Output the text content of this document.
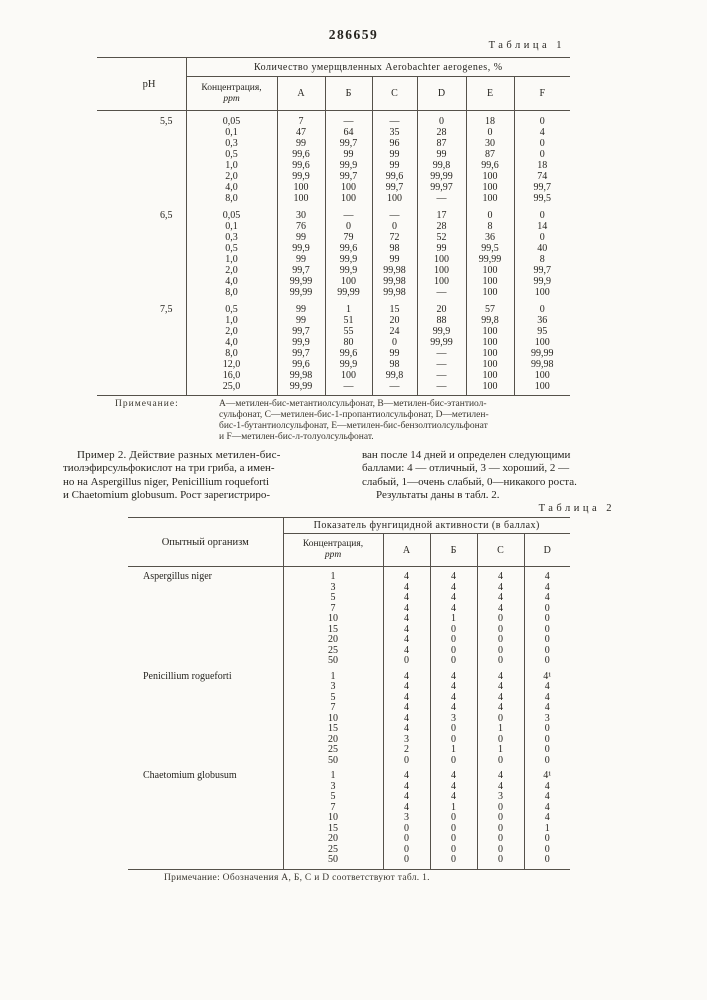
286659
Таблица 1
рН	Количество умерщвленных Aerobachter aerogenes, %						
	Концентрация,
ppm	А	Б	С	D	Е	F
5,5	0,05	7	—	—	0	18	0
	0,1	47	64	35	28	0	4
	0,3	99	99,7	96	87	30	0
	0,5	99,6	99	99	99	87	0
	1,0	99,6	99,9	99	99,8	99,6	18
	2,0	99,9	99,7	99,6	99,99	100	74
	4,0	100	100	99,7	99,97	100	99,7
	8,0	100	100	100	—	100	99,5
6,5	0,05	30	—	—	17	0	0
	0,1	76	0	0	28	8	14
	0,3	99	79	72	52	36	0
	0,5	99,9	99,6	98	99	99,5	40
	1,0	99	99,9	99	100	99,99	8
	2,0	99,7	99,9	99,98	100	100	99,7
	4,0	99,99	100	99,98	100	100	99,9
	8,0	99,99	99,99	99,98	—	100	100
7,5	0,5	99	1	15	20	57	0
	1,0	99	51	20	88	99,8	36
	2,0	99,7	55	24	99,9	100	95
	4,0	99,9	80	0	99,99	100	100
	8,0	99,7	99,6	99	—	100	99,99
	12,0	99,6	99,9	98	—	100	99,98
	16,0	99,98	100	99,8	—	100	100
	25,0	99,99	—	—	—	100	100
Примечание:	А—метилен-бис-метантиолсульфонат, В—метилен-бис-этантиол-
сульфонат, С—метилен-бис-1-пропантиолсульфонат, D—метилен-
бис-1-бутантиолсульфонат, Е—метилен-бис-бензолтиолсульфонат
и F—метилен-бис-л-толуолсульфонат.
Пример 2. Действие разных метилен-бис-
тиолэфирсульфокислот на три гриба, а имен-
но на Aspergillus niger, Penicillium roqueforti
и Chaetomium globusum. Рост зарегистриро-
ван после 14 дней и определен следующими
баллами: 4 — отличный, 3 — хороший, 2 —
слабый, 1—очень слабый, 0—никакого роста.
Результаты даны в табл. 2.
Таблица 2
Опытный организм	Показатель фунгицидной активности (в баллах)				
	Концентрация,
ppm	А	Б	С	D
Aspergillus niger	1	4	4	4	4
	3	4	4	4	4
	5	4	4	4	4
	7	4	4	4	0
	10	4	1	0	0
	15	4	0	0	0
	20	4	0	0	0
	25	4	0	0	0
	50	0	0	0	0
Penicillium rogueforti	1	4	4	4	4¹
	3	4	4	4	4
	5	4	4	4	4
	7	4	4	4	4
	10	4	3	0	3
	15	4	0	1	0
	20	3	0	0	0
	25	2	1	1	0
	50	0	0	0	0
Chaetomium globusum	1	4	4	4	4¹
	3	4	4	4	4
	5	4	4	3	4
	7	4	1	0	4
	10	3	0	0	4
	15	0	0	0	1
	20	0	0	0	0
	25	0	0	0	0
	50	0	0	0	0
Примечание: Обозначения А, Б, С и D соответствуют табл. 1.
